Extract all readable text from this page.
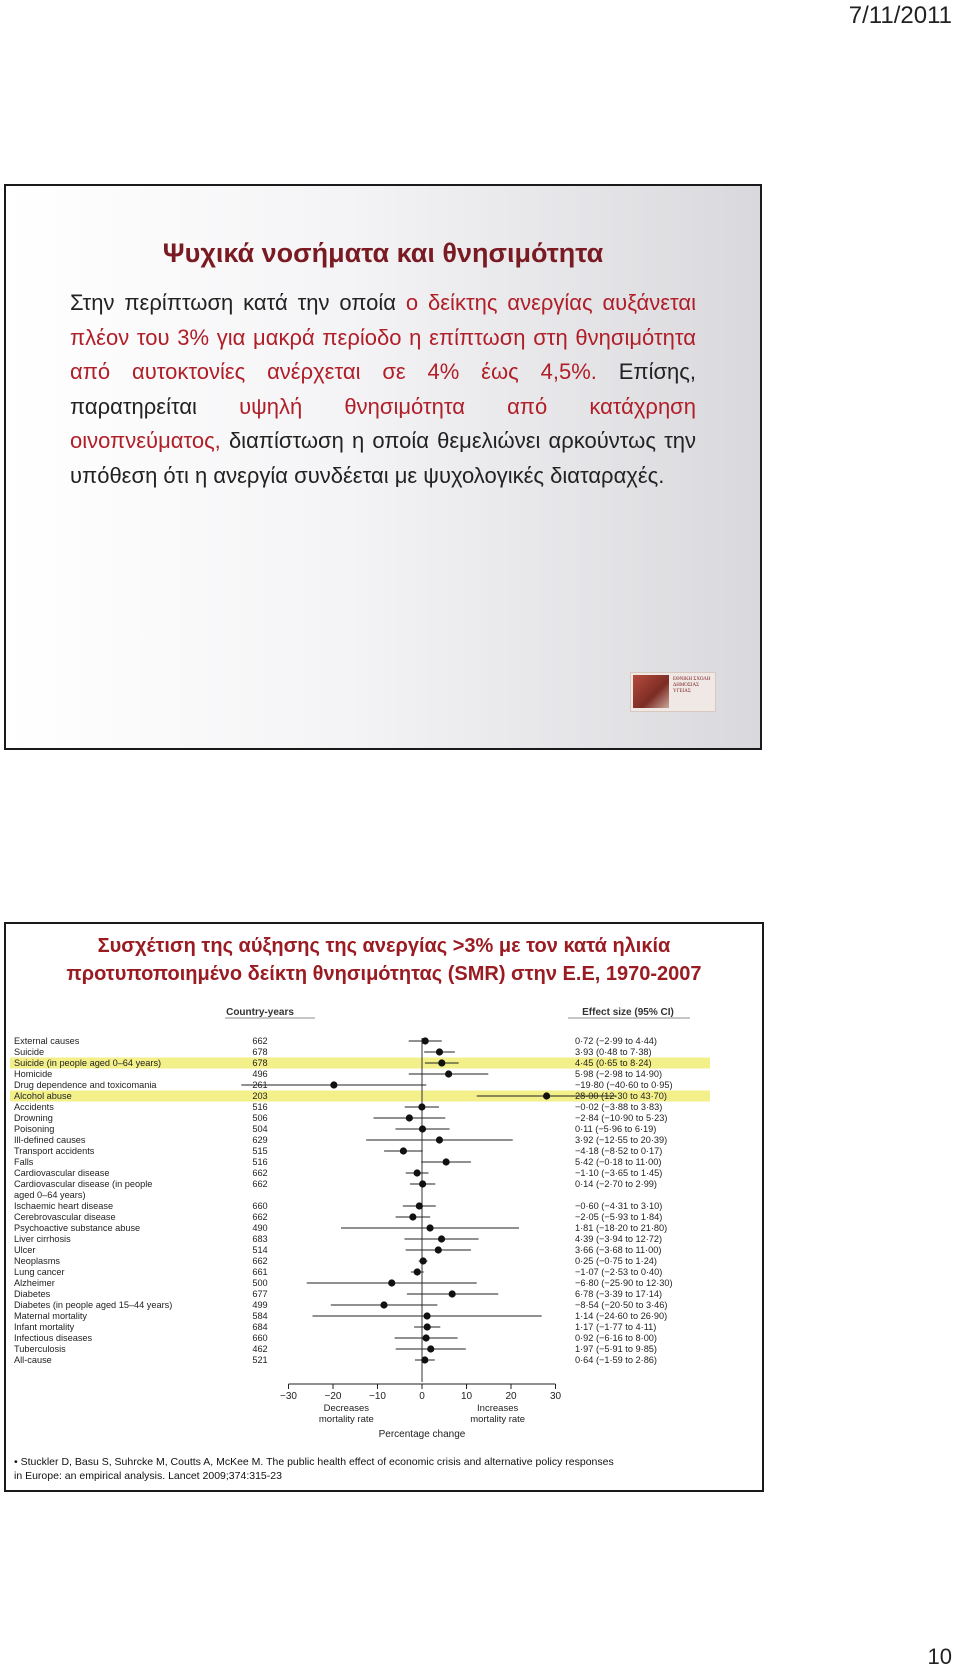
7/11/2011
Ψυχικά νοσήματα και θνησιμότητα
Στην περίπτωση κατά την οποία ο δείκτης ανεργίας αυξάνεται πλέον του 3% για μακρά περίοδο η επίπτωση στη θνησιμότητα από αυτοκτονίες ανέρχεται σε 4% έως 4,5%. Επίσης, παρατηρείται υψηλή θνησιμότητα από κατάχρηση οινοπνεύματος, διαπίστωση η οποία θεμελιώνει αρκούντως την υπόθεση ότι η ανεργία συνδέεται με ψυχολογικές διαταραχές.
ΕΘΝΙΚΗ ΣΧΟΛΗ ΔΗΜΟΣΙΑΣ ΥΓΕΙΑΣ
Συσχέτιση της αύξησης της ανεργίας >3% με τον κατά ηλικία
προτυποποιημένο δείκτη θνησιμότητας (SMR) στην Ε.Ε, 1970-2007
Country-years	Effect size (95% CI)
External causes	662	0·72 (−2·99 to 4·44)
Suicide	678	3·93 (0·48 to 7·38)
Suicide (in people aged 0–64 years)	678	4·45 (0·65 to 8·24)
Homicide	496	5·98 (−2·98 to 14·90)
Drug dependence and toxicomania	261	−19·80 (−40·60 to 0·95)
Alcohol abuse	203	28·00 (12·30 to 43·70)
Accidents	516	−0·02 (−3·88 to 3·83)
Drowning	506	−2·84 (−10·90 to 5·23)
Poisoning	504	0·11 (−5·96 to 6·19)
Ill-defined causes	629	3·92 (−12·55 to 20·39)
Transport accidents	515	−4·18 (−8·52 to 0·17)
Falls	516	5·42 (−0·18 to 11·00)
Cardiovascular disease	662	−1·10 (−3·65 to 1·45)
Cardiovascular disease (in people	662	0·14 (−2·70 to 2·99)
aged 0–64 years)
Ischaemic heart disease	660	−0·60 (−4·31 to 3·10)
Cerebrovascular disease	662	−2·05 (−5·93 to 1·84)
Psychoactive substance abuse	490	1·81 (−18·20 to 21·80)
Liver cirrhosis	683	4·39 (−3·94 to 12·72)
Ulcer	514	3·66 (−3·68 to 11·00)
Neoplasms	662	0·25 (−0·75 to 1·24)
Lung cancer	661	−1·07 (−2·53 to 0·40)
Alzheimer	500	−6·80 (−25·90 to 12·30)
Diabetes	677	6·78 (−3·39 to 17·14)
Diabetes (in people aged 15–44 years)	499	−8·54 (−20·50 to 3·46)
Maternal mortality	584	1·14 (−24·60 to 26·90)
Infant mortality	684	1·17 (−1·77 to 4·11)
Infectious diseases	660	0·92 (−6·16 to 8·00)
Tuberculosis	462	1·97 (−5·91 to 9·85)
All-cause	521	0·64 (−1·59 to 2·86)
−30	−20	−10	0	10	20	30
Decreases
mortality rate
Increases
mortality rate
Percentage change
• Stuckler D, Basu S, Suhrcke M, Coutts A, McKee M. The public health effect of economic crisis and alternative policy responses
in Europe: an empirical analysis. Lancet 2009;374:315-23
10
